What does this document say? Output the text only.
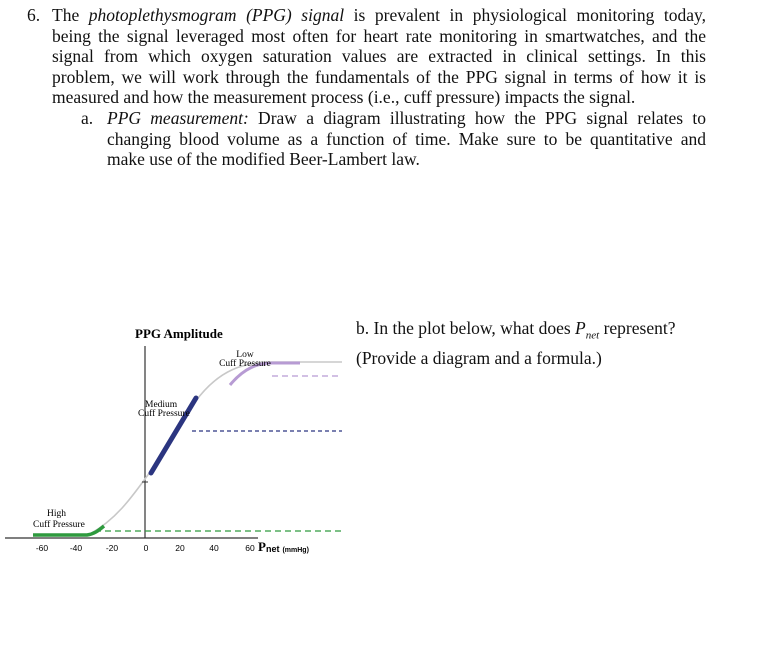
6. The photoplethysmogram (PPG) signal is prevalent in physiological monitoring today,
being the signal leveraged most often for heart rate monitoring in smartwatches, and the
signal from which oxygen saturation values are extracted in clinical settings. In this
problem, we will work through the fundamentals of the PPG signal in terms of how it is
measured and how the measurement process (i.e., cuff pressure) impacts the signal.
a. PPG measurement: Draw a diagram illustrating how the PPG signal relates to
changing blood volume as a function of time. Make sure to be quantitative and
make use of the modified Beer-Lambert law.
b. In the plot below, what does $P_{net}$ represent?
(Provide a diagram and a formula.)
PPG Amplitude
Low
Cuff Pressure
Medium
Cuff Pressure
High
Cuff Pressure
-60	-40	-20	0	20	40	60 Pnet (mmHg)
